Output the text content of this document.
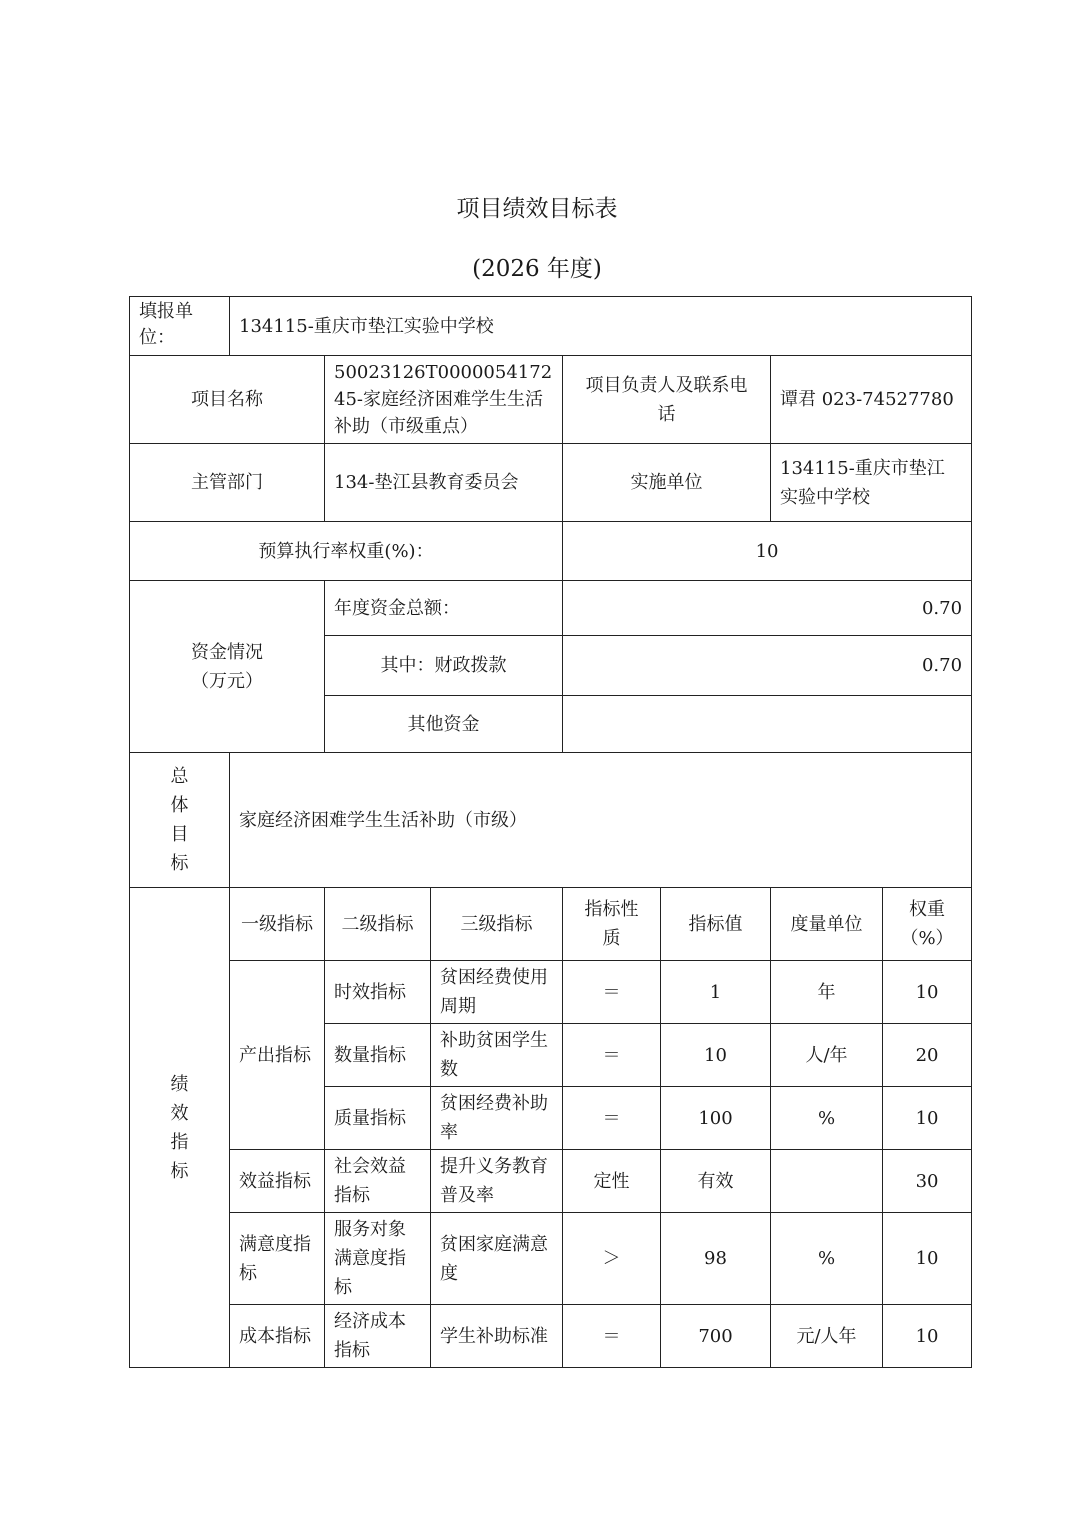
项目绩效目标表
(2026 年度)
填报单位：	134115-重庆市垫江实验中学校						
项目名称		50023126T000005417245-家庭经济困难学生生活补助（市级重点）		项目负责人及联系电话		谭君 023-74527780	
主管部门		134-垫江县教育委员会		实施单位		134115-重庆市垫江实验中学校	
预算执行率权重(%)：				10			
资金情况（万元）		年度资金总额：		0.70			
		其中：财政拨款		0.70			
		其他资金					
总体目标	家庭经济困难学生生活补助（市级）						
绩效指标	一级指标	二级指标	三级指标	指标性质	指标值	度量单位	权重（%）
	产出指标	时效指标	贫困经费使用周期	＝	1	年	10
		数量指标	补助贫困学生数	＝	10	人/年	20
		质量指标	贫困经费补助率	＝	100	%	10
	效益指标	社会效益指标	提升义务教育普及率	定性	有效		30
	满意度指标	服务对象满意度指标	贫困家庭满意度	＞	98	%	10
	成本指标	经济成本指标	学生补助标准	＝	700	元/人年	10
